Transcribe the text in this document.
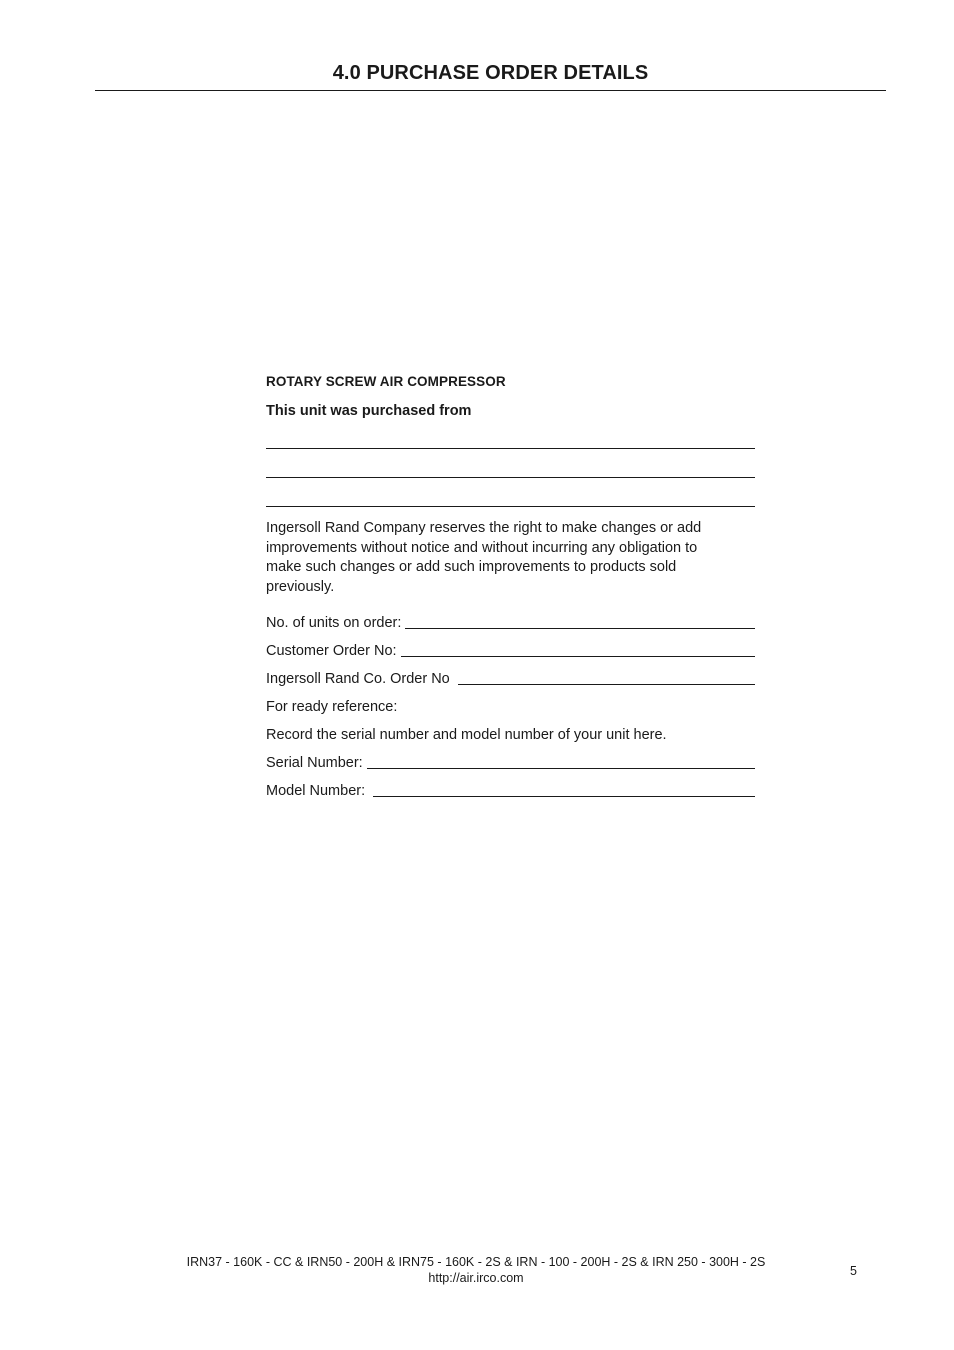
4.0 PURCHASE ORDER DETAILS
ROTARY SCREW AIR COMPRESSOR
This unit was purchased from
Ingersoll Rand Company reserves the right to make changes or add improvements without notice and without incurring any obligation to make such changes or add such improvements to products sold previously.
No. of units on order:
Customer Order No:
Ingersoll Rand Co. Order No
For ready reference:
Record the serial number and model number of your unit here.
Serial Number:
Model Number:
IRN37 - 160K - CC & IRN50 - 200H & IRN75 - 160K - 2S & IRN - 100 - 200H - 2S & IRN 250 - 300H - 2S
http://air.irco.com	5
